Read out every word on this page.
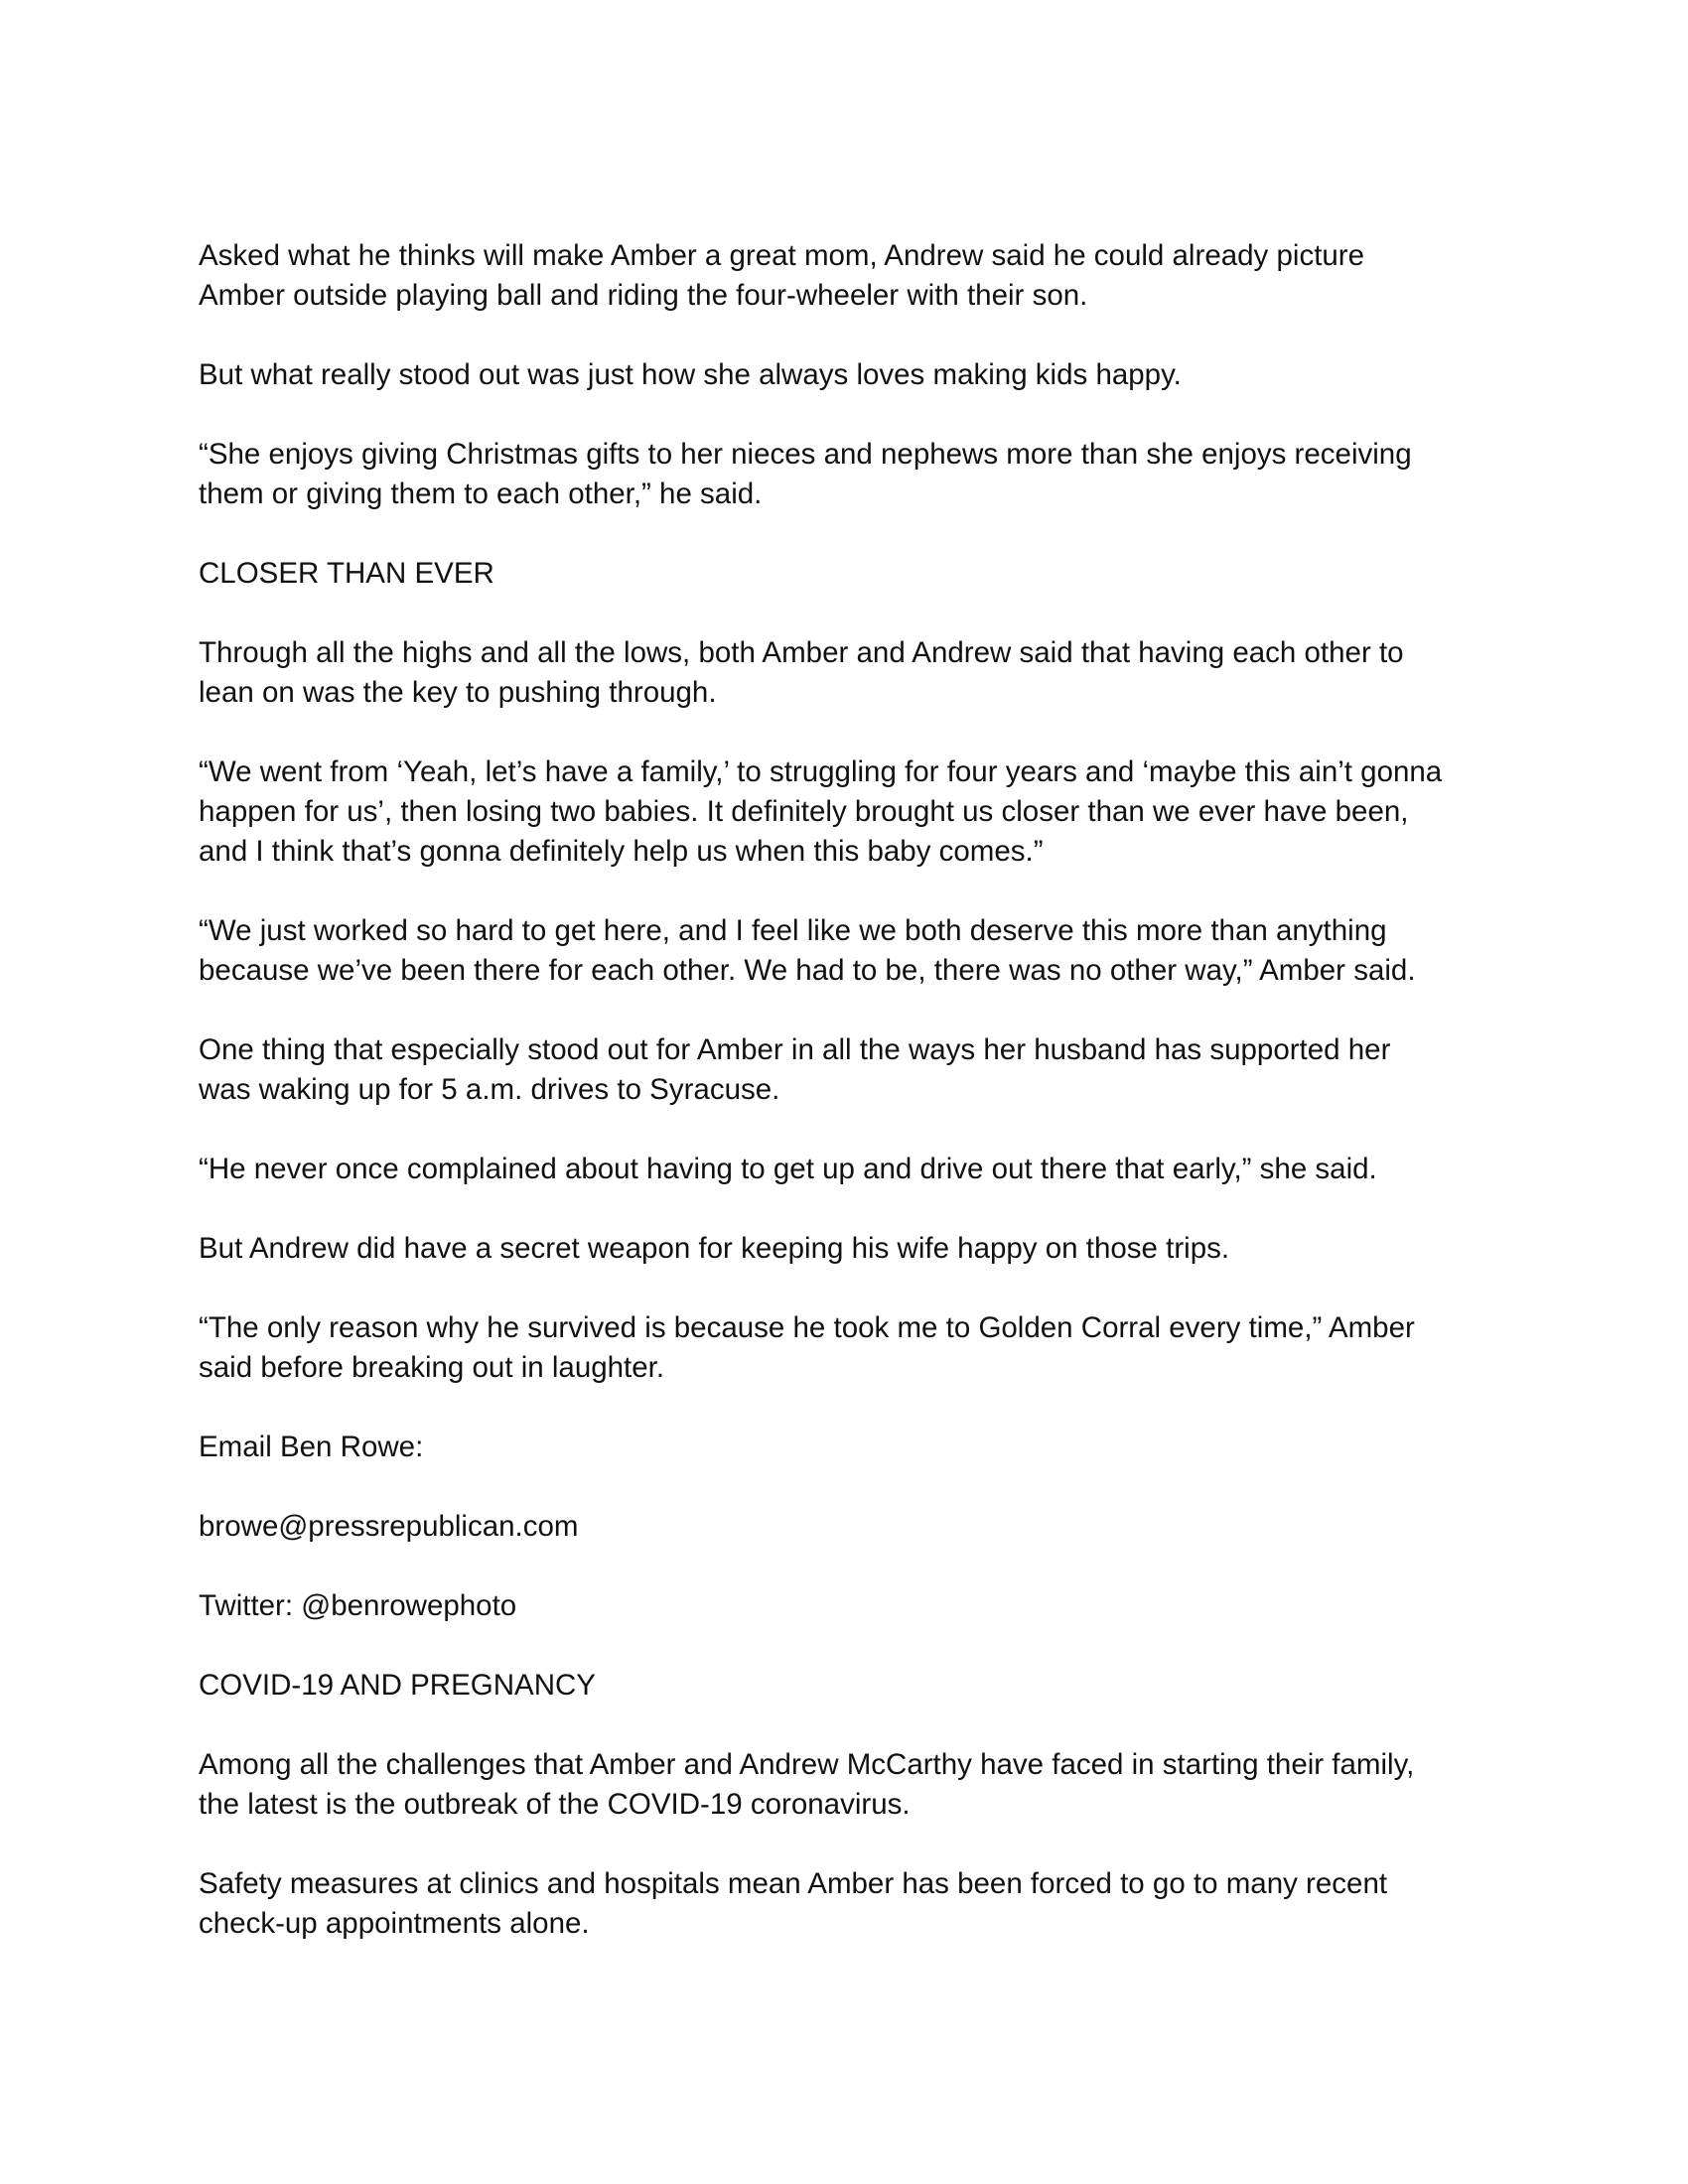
Asked what he thinks will make Amber a great mom, Andrew said he could already picture
Amber outside playing ball and riding the four-wheeler with their son.

But what really stood out was just how she always loves making kids happy.

“She enjoys giving Christmas gifts to her nieces and nephews more than she enjoys receiving
them or giving them to each other,” he said.

CLOSER THAN EVER

Through all the highs and all the lows, both Amber and Andrew said that having each other to
lean on was the key to pushing through.

“We went from ‘Yeah, let’s have a family,’ to struggling for four years and ‘maybe this ain’t gonna
happen for us’, then losing two babies. It definitely brought us closer than we ever have been,
and I think that’s gonna definitely help us when this baby comes.”

“We just worked so hard to get here, and I feel like we both deserve this more than anything
because we’ve been there for each other. We had to be, there was no other way,” Amber said.

One thing that especially stood out for Amber in all the ways her husband has supported her
was waking up for 5 a.m. drives to Syracuse.

“He never once complained about having to get up and drive out there that early,” she said.

But Andrew did have a secret weapon for keeping his wife happy on those trips.

“The only reason why he survived is because he took me to Golden Corral every time,” Amber
said before breaking out in laughter.

Email Ben Rowe:

browe@pressrepublican.com

Twitter: @benrowephoto

COVID-19 AND PREGNANCY

Among all the challenges that Amber and Andrew McCarthy have faced in starting their family,
the latest is the outbreak of the COVID-19 coronavirus.

Safety measures at clinics and hospitals mean Amber has been forced to go to many recent
check-up appointments alone.
